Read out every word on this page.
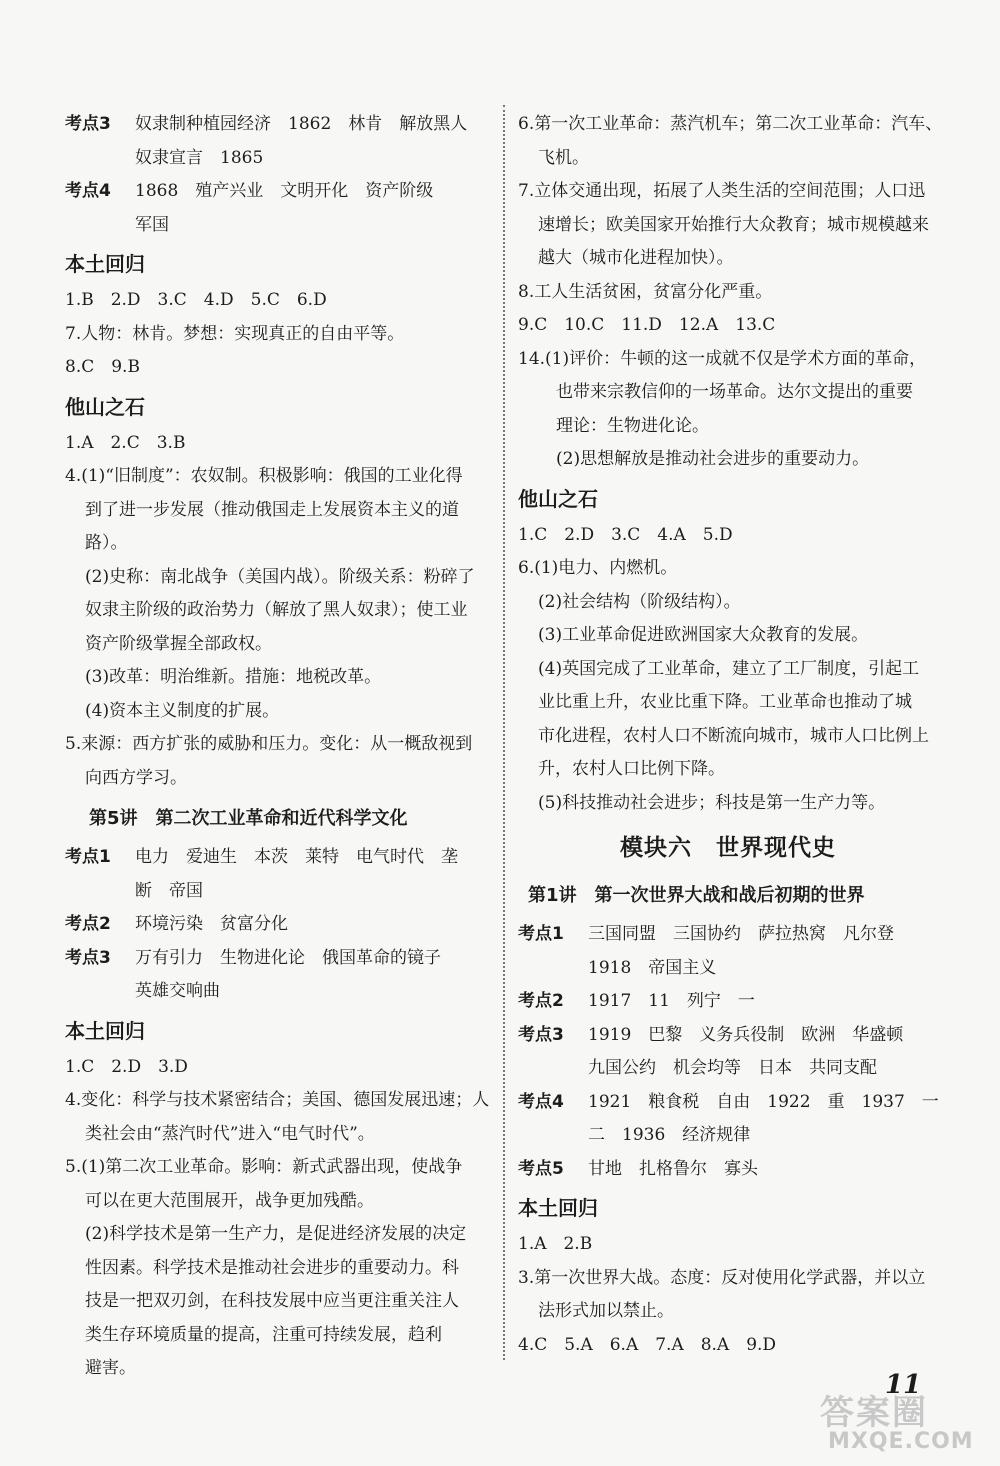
考点3	奴隶制种植园经济　1862　林肯　解放黑人
奴隶宣言　1865
考点4	1868　殖产兴业　文明开化　资产阶级
军国
本土回归
1.B　2.D　3.C　4.D　5.C　6.D
7.人物：林肯。梦想：实现真正的自由平等。
8.C　9.B
他山之石
1.A　2.C　3.B
4.(1)“旧制度”：农奴制。积极影响：俄国的工业化得
到了进一步发展（推动俄国走上发展资本主义的道
路）。
(2)史称：南北战争（美国内战）。阶级关系：粉碎了
奴隶主阶级的政治势力（解放了黑人奴隶）；使工业
资产阶级掌握全部政权。
(3)改革：明治维新。措施：地税改革。
(4)资本主义制度的扩展。
5.来源：西方扩张的威胁和压力。变化：从一概敌视到
向西方学习。
第5讲　第二次工业革命和近代科学文化
考点1	电力　爱迪生　本茨　莱特　电气时代　垄
断　帝国
考点2	环境污染　贫富分化
考点3	万有引力　生物进化论　俄国革命的镜子
英雄交响曲
本土回归
1.C　2.D　3.D
4.变化：科学与技术紧密结合；美国、德国发展迅速；人
类社会由“蒸汽时代”进入“电气时代”。
5.(1)第二次工业革命。影响：新式武器出现，使战争
可以在更大范围展开，战争更加残酷。
(2)科学技术是第一生产力，是促进经济发展的决定
性因素。科学技术是推动社会进步的重要动力。科
技是一把双刃剑，在科技发展中应当更注重关注人
类生存环境质量的提高，注重可持续发展，趋利
避害。
6.第一次工业革命：蒸汽机车；第二次工业革命：汽车、
飞机。
7.立体交通出现，拓展了人类生活的空间范围；人口迅
速增长；欧美国家开始推行大众教育；城市规模越来
越大（城市化进程加快）。
8.工人生活贫困，贫富分化严重。
9.C　10.C　11.D　12.A　13.C
14.(1)评价：牛顿的这一成就不仅是学术方面的革命，
也带来宗教信仰的一场革命。达尔文提出的重要
理论：生物进化论。
(2)思想解放是推动社会进步的重要动力。
他山之石
1.C　2.D　3.C　4.A　5.D
6.(1)电力、内燃机。
(2)社会结构（阶级结构）。
(3)工业革命促进欧洲国家大众教育的发展。
(4)英国完成了工业革命，建立了工厂制度，引起工
业比重上升，农业比重下降。工业革命也推动了城
市化进程，农村人口不断流向城市，城市人口比例上
升，农村人口比例下降。
(5)科技推动社会进步；科技是第一生产力等。
模块六　世界现代史
第1讲　第一次世界大战和战后初期的世界
考点1	三国同盟　三国协约　萨拉热窝　凡尔登
1918　帝国主义
考点2	1917　11　列宁　一
考点3	1919　巴黎　义务兵役制　欧洲　华盛顿
九国公约　机会均等　日本　共同支配
考点4	1921　粮食税　自由　1922　重　1937　一
二　1936　经济规律
考点5	甘地　扎格鲁尔　寡头
本土回归
1.A　2.B
3.第一次世界大战。态度：反对使用化学武器，并以立
法形式加以禁止。
4.C　5.A　6.A　7.A　8.A　9.D
11
答案圈
MXQE.COM
